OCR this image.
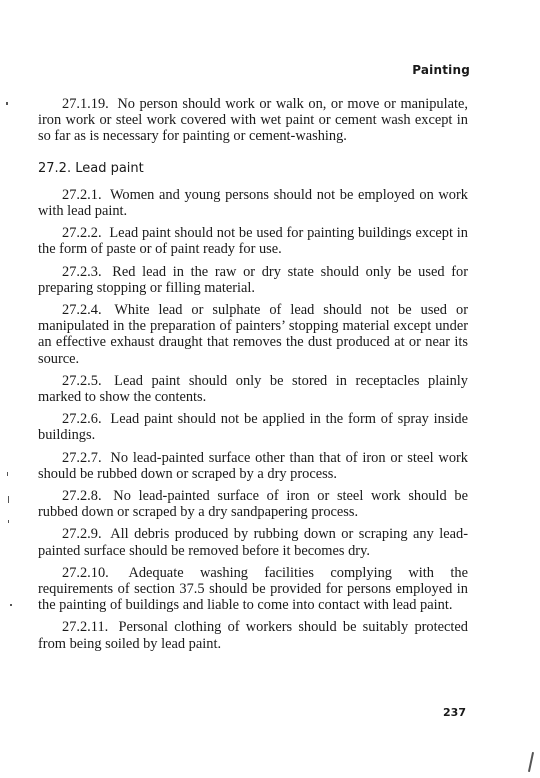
Painting

27.1.19. No person should work or walk on, or move or manipulate, iron work or steel work covered with wet paint or cement wash except in so far as is necessary for painting or cement-washing.

27.2. Lead paint

27.2.1. Women and young persons should not be employed on work with lead paint.

27.2.2. Lead paint should not be used for painting buildings except in the form of paste or of paint ready for use.

27.2.3. Red lead in the raw or dry state should only be used for preparing stopping or filling material.

27.2.4. White lead or sulphate of lead should not be used or manipulated in the preparation of painters’ stopping material except under an effective exhaust draught that removes the dust produced at or near its source.

27.2.5. Lead paint should only be stored in receptacles plainly marked to show the contents.

27.2.6. Lead paint should not be applied in the form of spray inside buildings.

27.2.7. No lead-painted surface other than that of iron or steel work should be rubbed down or scraped by a dry process.

27.2.8. No lead-painted surface of iron or steel work should be rubbed down or scraped by a dry sandpapering process.

27.2.9. All debris produced by rubbing down or scraping any lead-painted surface should be removed before it becomes dry.

27.2.10. Adequate washing facilities complying with the requirements of section 37.5 should be provided for persons employed in the painting of buildings and liable to come into contact with lead paint.

27.2.11. Personal clothing of workers should be suitably protected from being soiled by lead paint.

237
